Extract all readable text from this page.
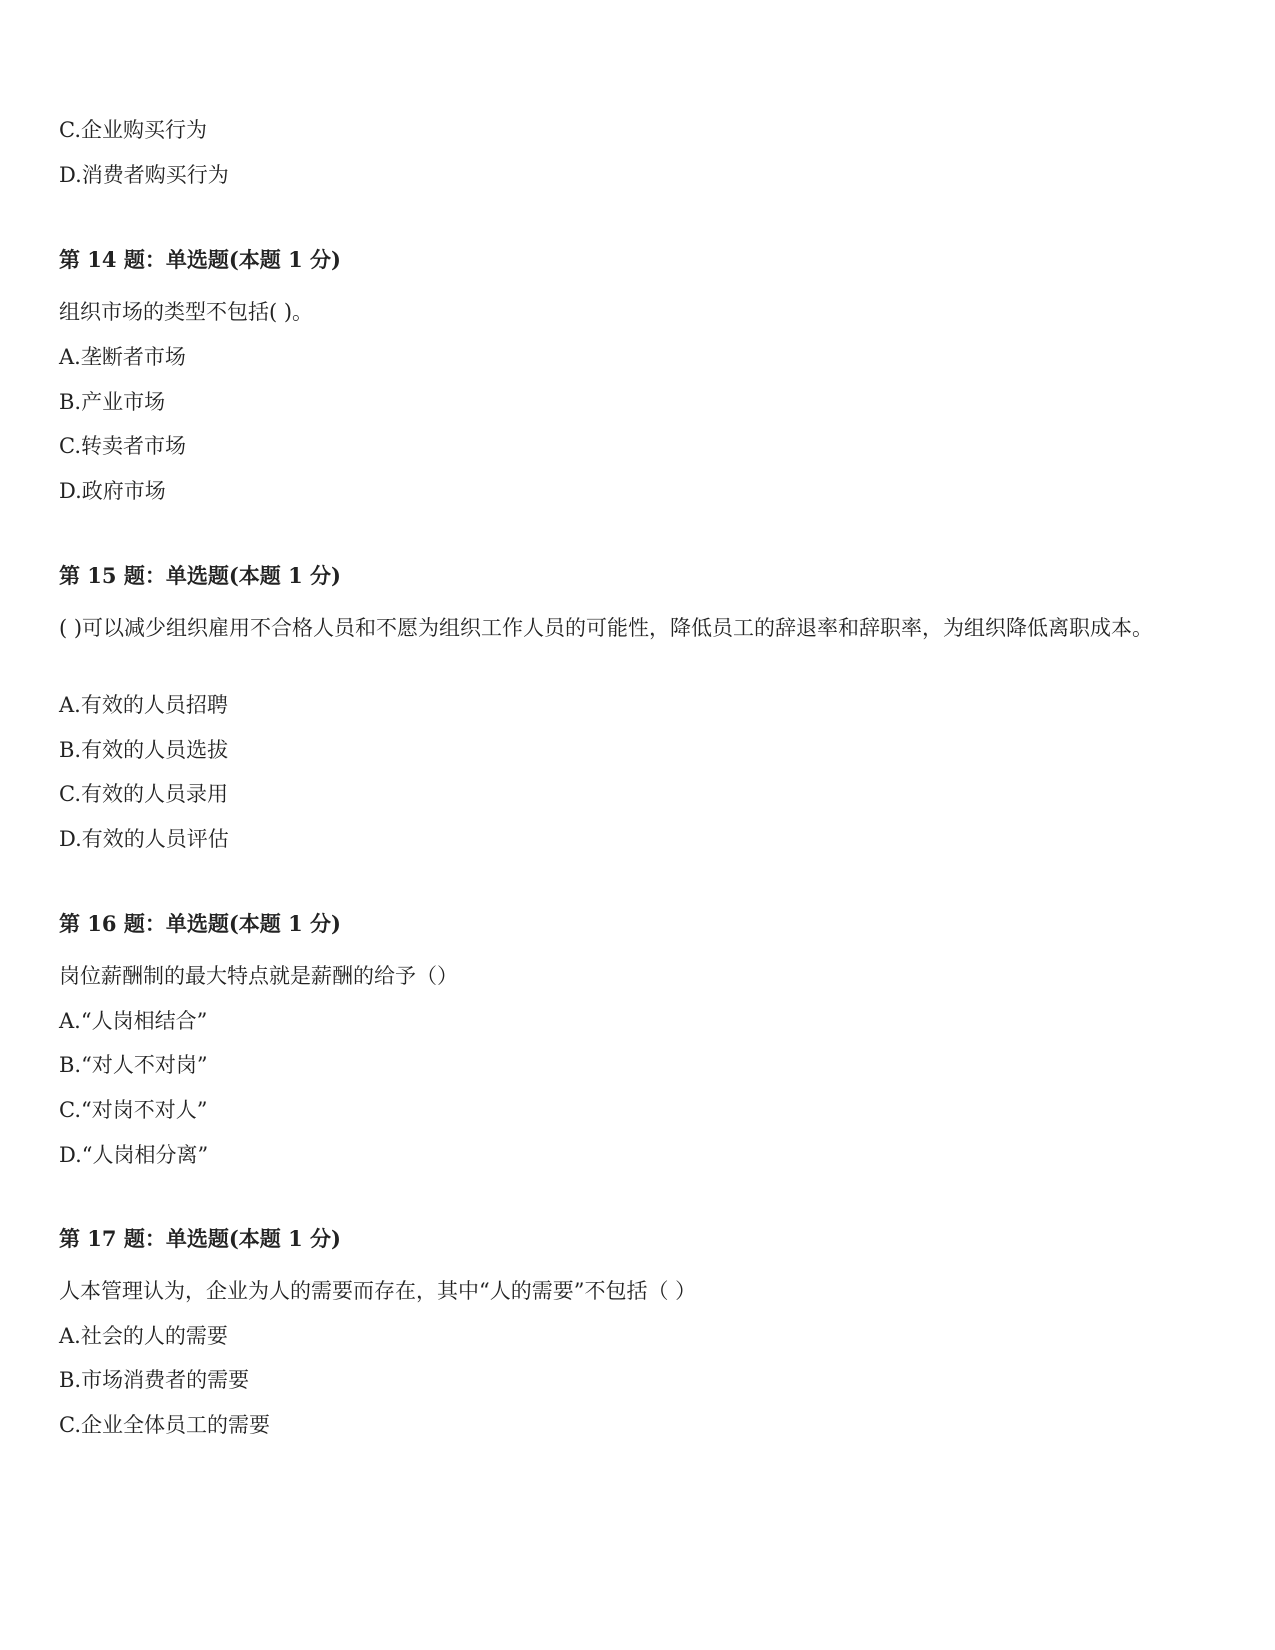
C.企业购买行为
D.消费者购买行为
第 14 题：单选题(本题 1 分)
组织市场的类型不包括( )。
A.垄断者市场
B.产业市场
C.转卖者市场
D.政府市场
第 15 题：单选题(本题 1 分)
( )可以减少组织雇用不合格人员和不愿为组织工作人员的可能性，降低员工的辞退率和辞职率，为组织降低离职成本。
A.有效的人员招聘
B.有效的人员选拔
C.有效的人员录用
D.有效的人员评估
第 16 题：单选题(本题 1 分)
岗位薪酬制的最大特点就是薪酬的给予（）
A.“人岗相结合”
B.“对人不对岗”
C.“对岗不对人”
D.“人岗相分离”
第 17 题：单选题(本题 1 分)
人本管理认为，企业为人的需要而存在，其中“人的需要”不包括（ ）
A.社会的人的需要
B.市场消费者的需要
C.企业全体员工的需要
